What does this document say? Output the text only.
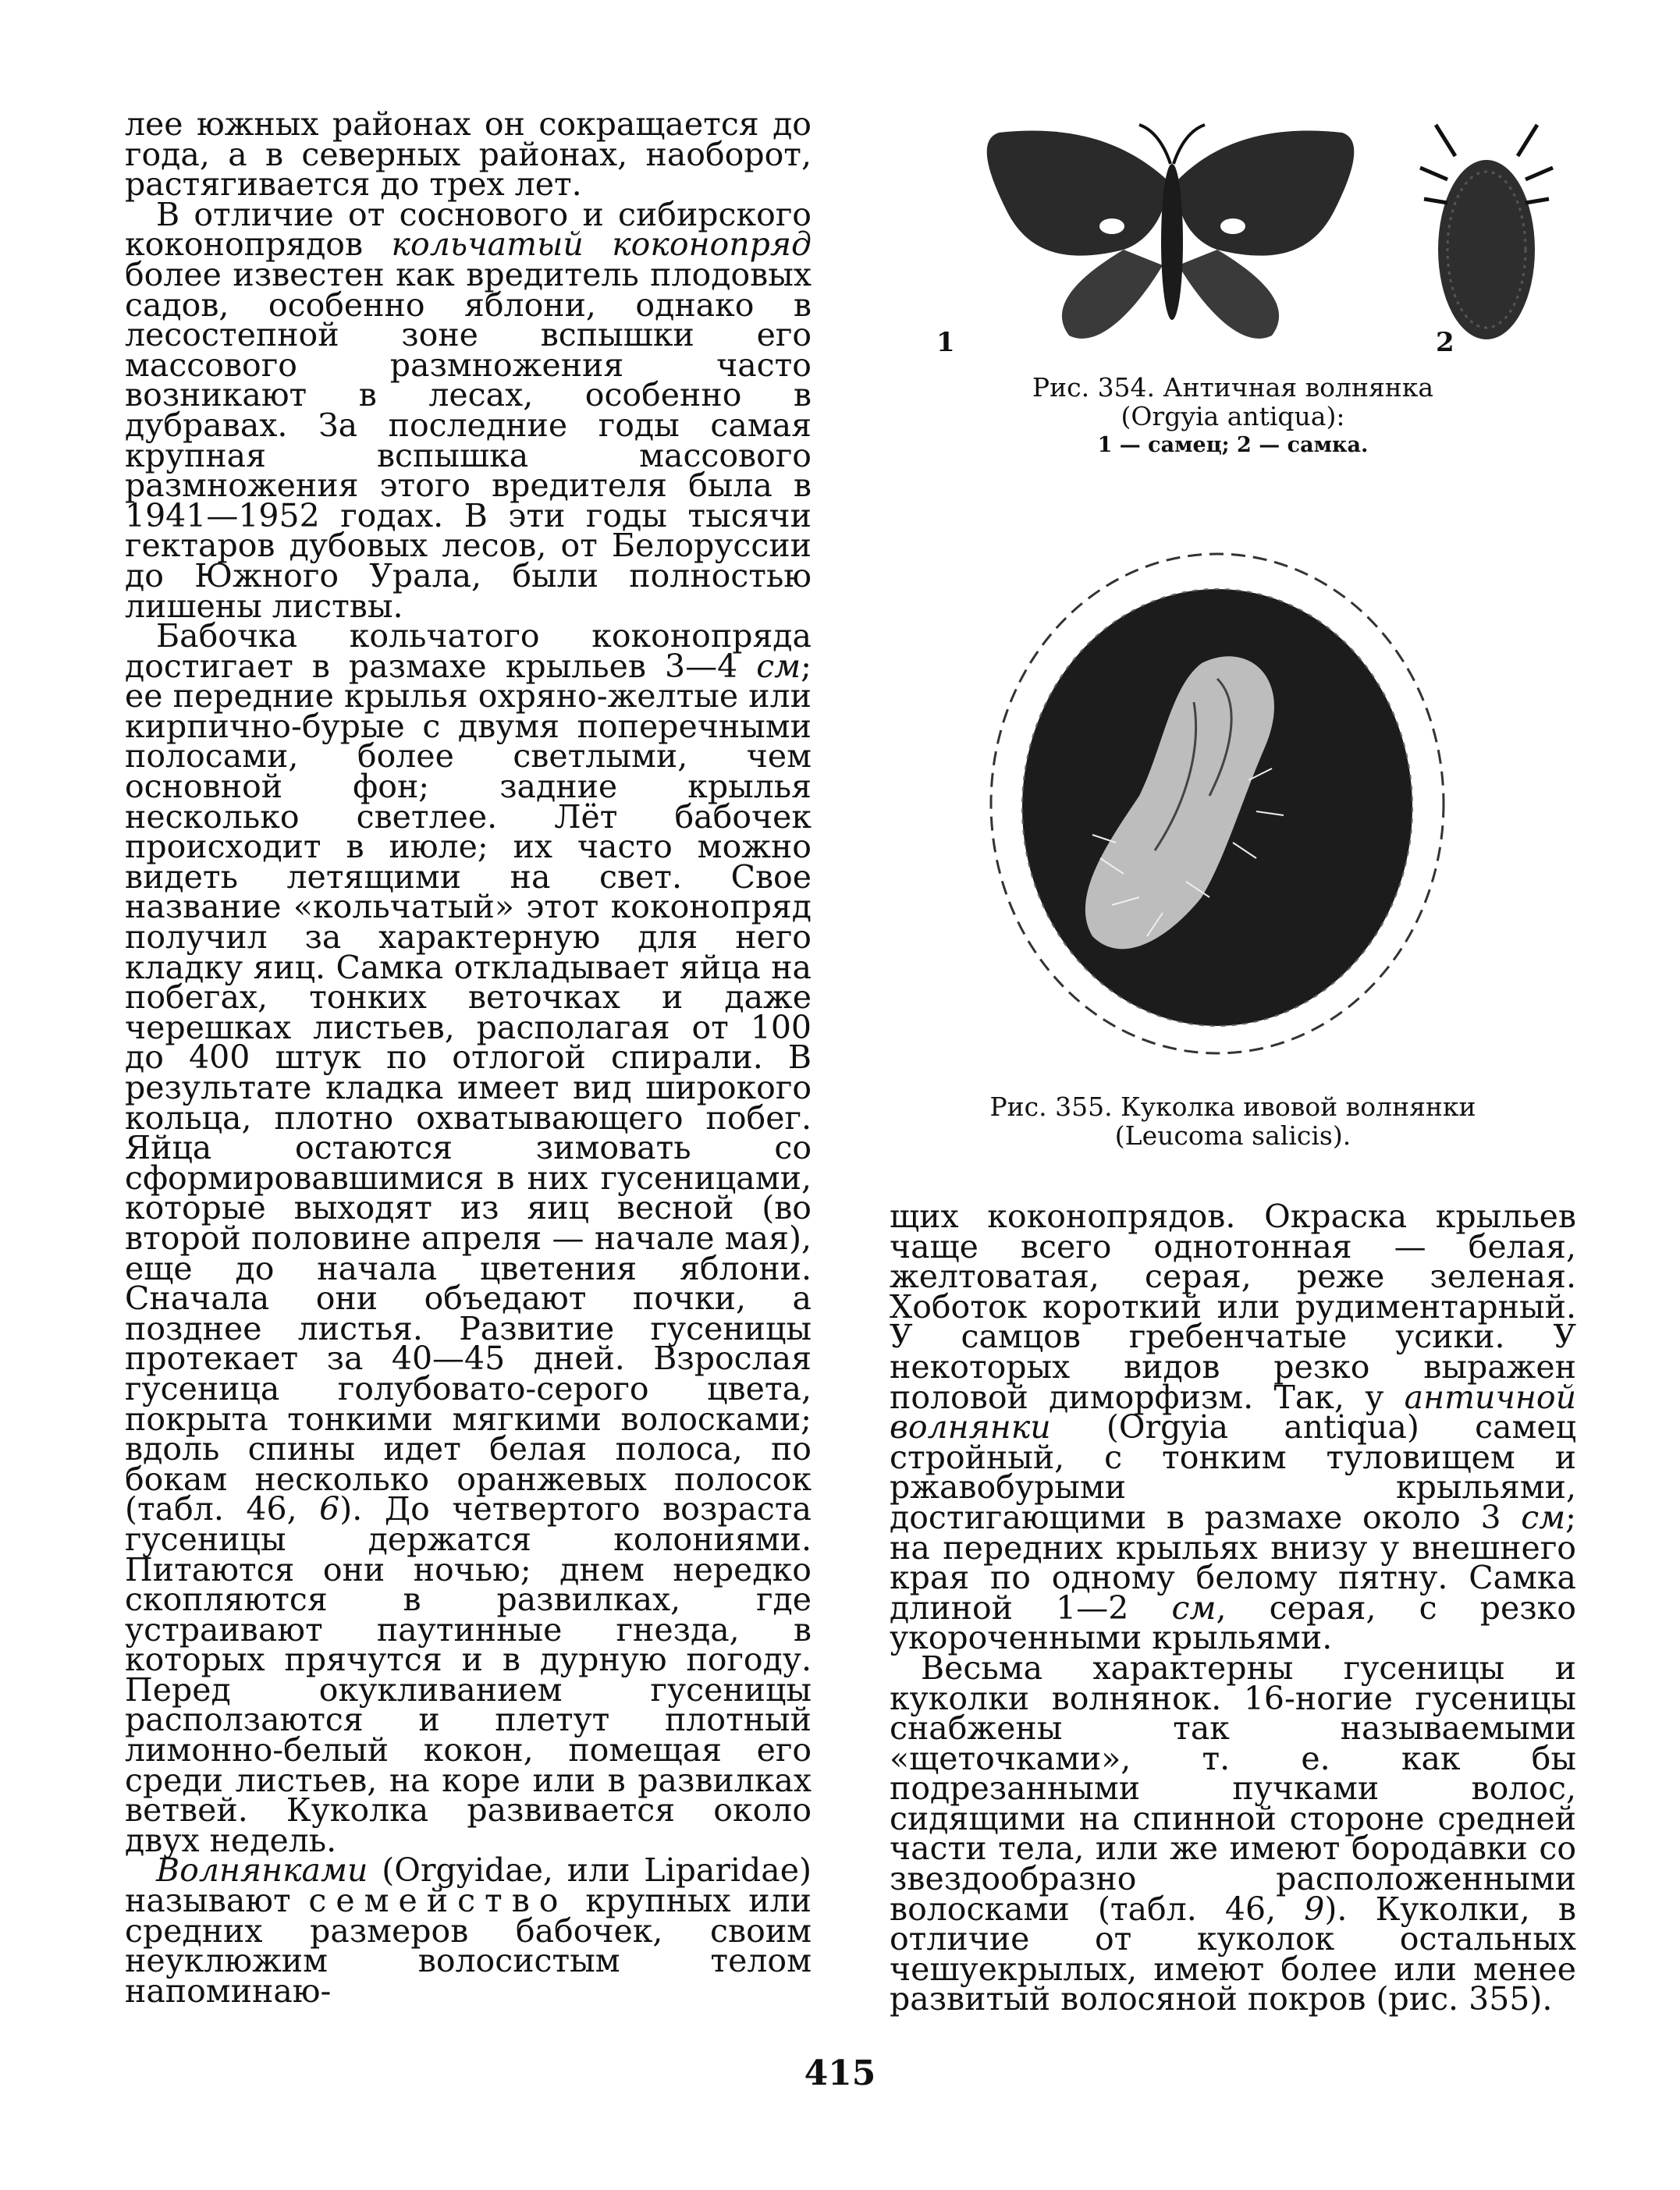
лее южных районах он сокращается до года, а в северных районах, наоборот, растягивается до трех лет.

В отличие от соснового и сибирского коконопрядов кольчатый коконопряд более известен как вредитель плодовых садов, особенно яблони, однако в лесостепной зоне вспышки его массового размножения часто возникают в лесах, особенно в дубравах. За последние годы самая крупная вспышка массового размножения этого вредителя была в 1941—1952 годах. В эти годы тысячи гектаров дубовых лесов, от Белоруссии до Южного Урала, были полностью лишены листвы.

Бабочка кольчатого коконопряда достигает в размахе крыльев 3—4 см; ее передние крылья охряно-желтые или кирпично-бурые с двумя поперечными полосами, более светлыми, чем основной фон; задние крылья несколько светлее. Лёт бабочек происходит в июле; их часто можно видеть летящими на свет. Свое название «кольчатый» этот коконопряд получил за характерную для него кладку яиц. Самка откладывает яйца на побегах, тонких веточках и даже черешках листьев, располагая от 100 до 400 штук по отлогой спирали. В результате кладка имеет вид широкого кольца, плотно охватывающего побег. Яйца остаются зимовать со сформировавшимися в них гусеницами, которые выходят из яиц весной (во второй половине апреля — начале мая), еще до начала цветения яблони. Сначала они объедают почки, а позднее листья. Развитие гусеницы протекает за 40—45 дней. Взрослая гусеница голубовато-серого цвета, покрыта тонкими мягкими волосками; вдоль спины идет белая полоса, по бокам несколько оранжевых полосок (табл. 46, 6). До четвертого возраста гусеницы держатся колониями. Питаются они ночью; днем нередко скопляются в развилках, где устраивают паутинные гнезда, в которых прячутся и в дурную погоду. Перед окукливанием гусеницы расползаются и плетут плотный лимонно-белый кокон, помещая его среди листьев, на коре или в развилках ветвей. Куколка развивается около двух недель.

Волнянками (Orgyidae, или Liparidae) называют семейство крупных или средних размеров бабочек, своим неуклюжим волосистым телом напоминаю-

1	2
Рис. 354. Античная волнянка
(Orgyia antiqua):
1 — самец; 2 — самка.
Рис. 355. Куколка ивовой волнянки
(Leucoma salicis).

щих коконопрядов. Окраска крыльев чаще всего однотонная — белая, желтоватая, серая, реже зеленая. Хоботок короткий или рудиментарный. У самцов гребенчатые усики. У некоторых видов резко выражен половой диморфизм. Так, у античной волнянки (Orgyia antiqua) самец стройный, с тонким туловищем и ржавобурыми крыльями, достигающими в размахе около 3 см; на передних крыльях внизу у внешнего края по одному белому пятну. Самка длиной 1—2 см, серая, с резко укороченными крыльями.

Весьма характерны гусеницы и куколки волнянок. 16-ногие гусеницы снабжены так называемыми «щеточками», т. е. как бы подрезанными пучками волос, сидящими на спинной стороне средней части тела, или же имеют бородавки со звездообразно расположенными волосками (табл. 46, 9). Куколки, в отличие от куколок остальных чешуекрылых, имеют более или менее развитый волосяной покров (рис. 355).

415
